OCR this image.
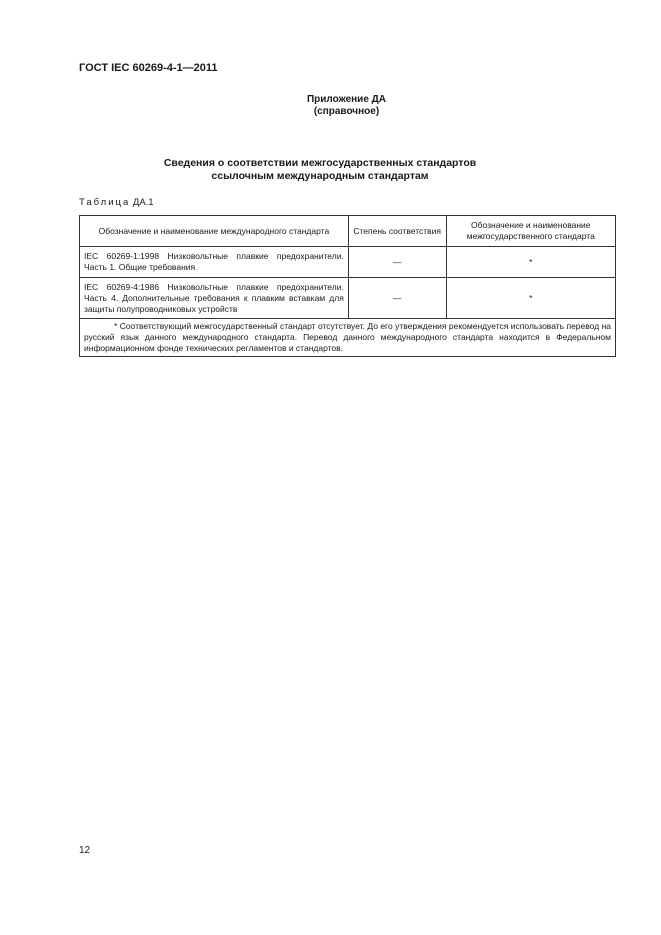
ГОСТ IEC 60269-4-1—2011
Приложение ДА
(справочное)
Сведения о соответствии межгосударственных стандартов
ссылочным международным стандартам
Таблица ДА.1
Обозначение и наименование международного стандарта	Степень соответствия	Обозначение и наименование межгосударственного стандарта
IEC 60269-1:1998 Низковольтные плавкие предохранители. Часть 1. Общие требования	—	*
IEC 60269-4:1986 Низковольтные плавкие предохранители. Часть 4. Дополнительные требования к плавким вставкам для защиты полупроводниковых устройств	—	*
* Соответствующий межгосударственный стандарт отсутствует. До его утверждения рекомендуется использовать перевод на русский язык данного международного стандарта. Перевод данного международного стандарта находится в Федеральном информационном фонде технических регламентов и стандартов.		
12
